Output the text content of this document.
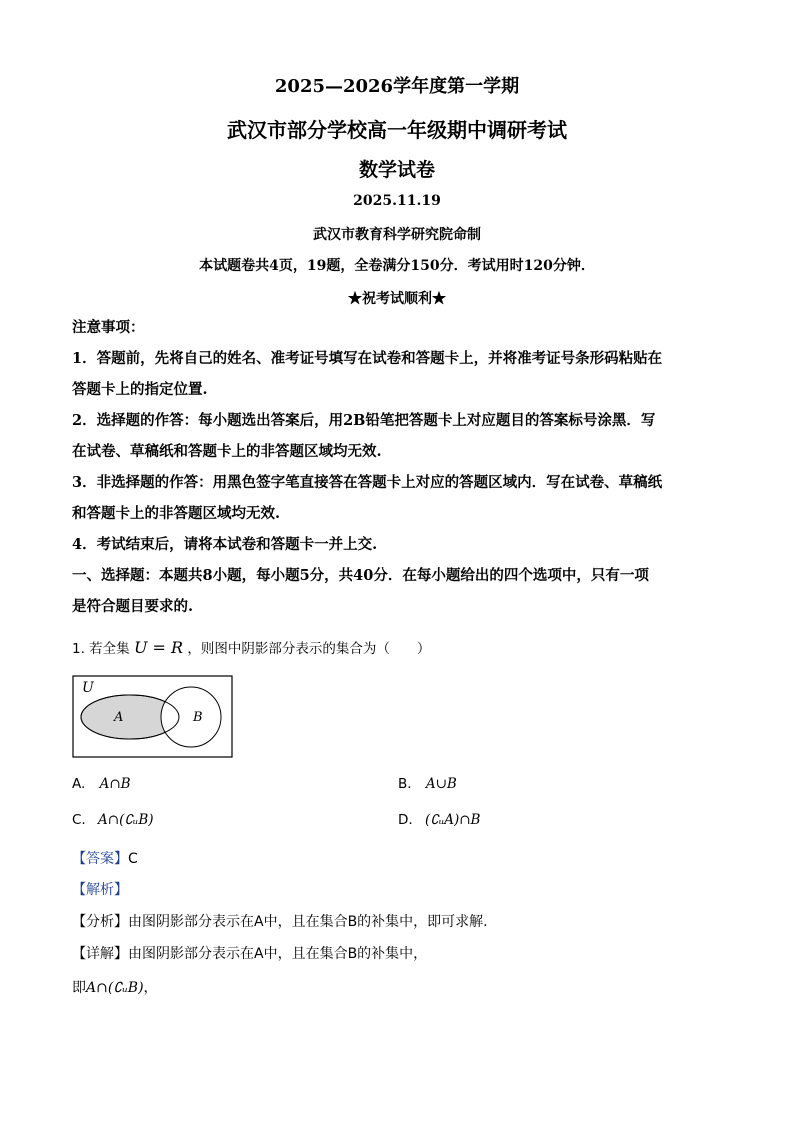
2025—2026学年度第一学期
武汉市部分学校高一年级期中调研考试
数学试卷
2025.11.19
武汉市教育科学研究院命制
本试题卷共4页，19题，全卷满分150分．考试用时120分钟．
★祝考试顺利★
注意事项：
1．答题前，先将自己的姓名、准考证号填写在试卷和答题卡上，并将准考证号条形码粘贴在
答题卡上的指定位置.
2．选择题的作答：每小题选出答案后，用2B铅笔把答题卡上对应题目的答案标号涂黑．写
在试卷、草稿纸和答题卡上的非答题区域均无效.
3．非选择题的作答：用黑色签字笔直接答在答题卡上对应的答题区域内．写在试卷、草稿纸
和答题卡上的非答题区域均无效.
4．考试结束后，请将本试卷和答题卡一并上交.
一、选择题：本题共8小题，每小题5分，共40分．在每小题给出的四个选项中，只有一项
是符合题目要求的.
1. 若全集 U = R ，则图中阴影部分表示的集合为（　　）
U
A	B
A. A∩B	B. A∪B
C. A∩(∁ᵤB)	D. (∁ᵤA)∩B
【答案】C
【解析】
【分析】由图阴影部分表示在A中，且在集合B的补集中，即可求解.
【详解】由图阴影部分表示在A中，且在集合B的补集中，
即A∩(∁ᵤB)，
